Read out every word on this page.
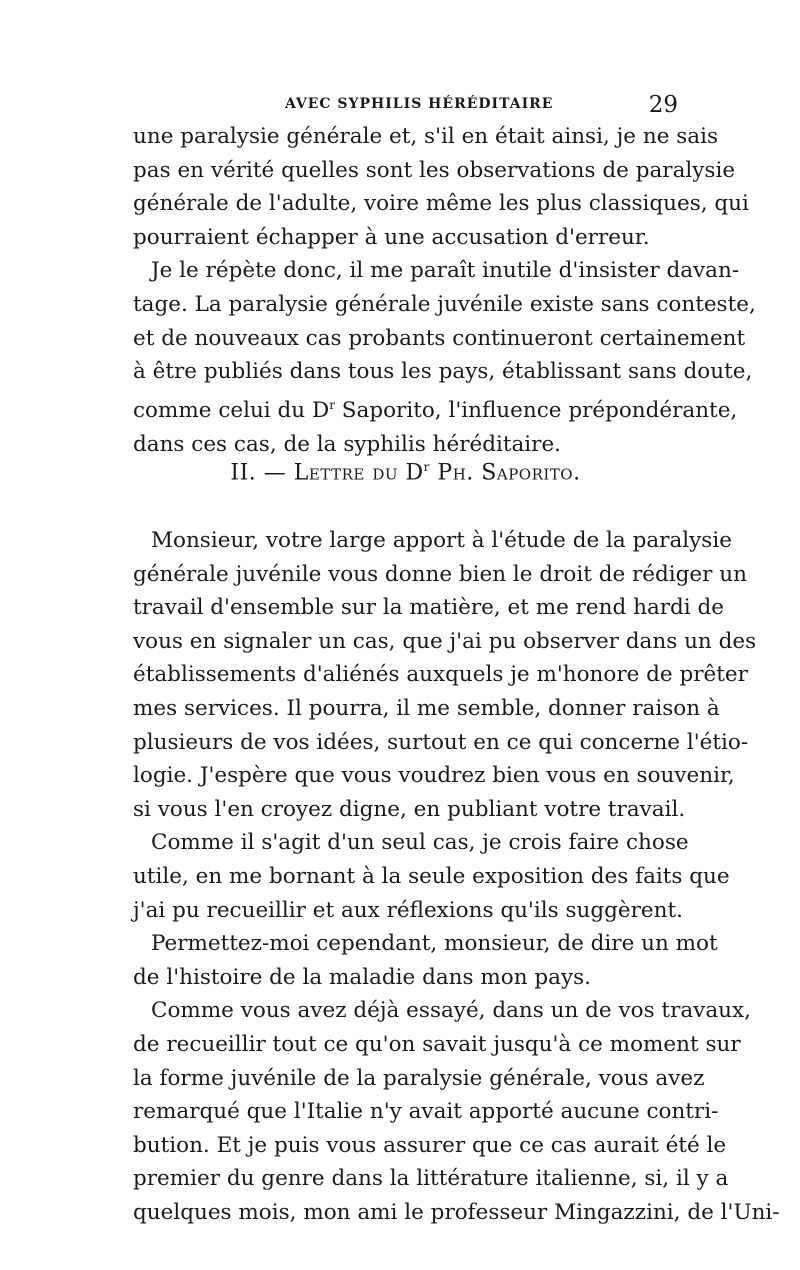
AVEC SYPHILIS HÉRÉDITAIRE	29
une paralysie générale et, s'il en était ainsi, je ne sais
pas en vérité quelles sont les observations de paralysie
générale de l'adulte, voire même les plus classiques, qui
pourraient échapper à une accusation d'erreur.
Je le répète donc, il me paraît inutile d'insister davan-
tage. La paralysie générale juvénile existe sans conteste,
et de nouveaux cas probants continueront certainement
à être publiés dans tous les pays, établissant sans doute,
comme celui du $D^r$ Saporito, l'influence prépondérante,
dans ces cas, de la syphilis héréditaire.
II. — Lettre du $D^r$ Ph. Saporito.
Monsieur, votre large apport à l'étude de la paralysie
générale juvénile vous donne bien le droit de rédiger un
travail d'ensemble sur la matière, et me rend hardi de
vous en signaler un cas, que j'ai pu observer dans un des
établissements d'aliénés auxquels je m'honore de prêter
mes services. Il pourra, il me semble, donner raison à
plusieurs de vos idées, surtout en ce qui concerne l'étio-
logie. J'espère que vous voudrez bien vous en souvenir,
si vous l'en croyez digne, en publiant votre travail.
Comme il s'agit d'un seul cas, je crois faire chose
utile, en me bornant à la seule exposition des faits que
j'ai pu recueillir et aux réflexions qu'ils suggèrent.
Permettez-moi cependant, monsieur, de dire un mot
de l'histoire de la maladie dans mon pays.
Comme vous avez déjà essayé, dans un de vos travaux,
de recueillir tout ce qu'on savait jusqu'à ce moment sur
la forme juvénile de la paralysie générale, vous avez
remarqué que l'Italie n'y avait apporté aucune contri-
bution. Et je puis vous assurer que ce cas aurait été le
premier du genre dans la littérature italienne, si, il y a
quelques mois, mon ami le professeur Mingazzini, de l'Uni-
